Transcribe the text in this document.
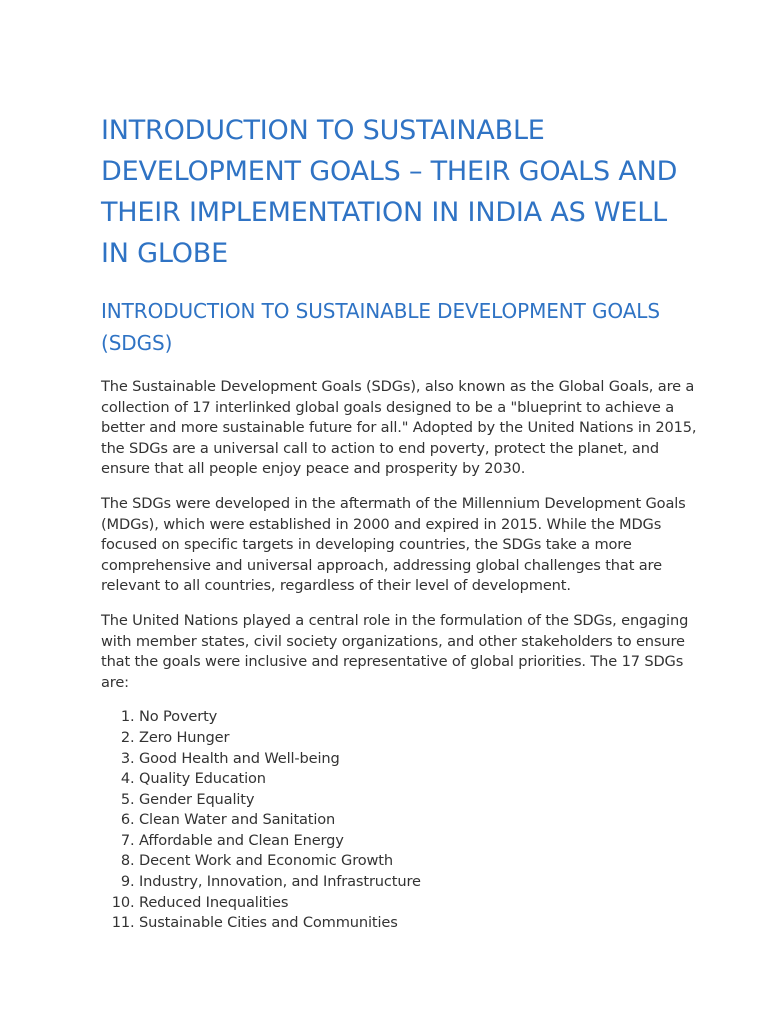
INTRODUCTION TO SUSTAINABLE DEVELOPMENT GOALS – THEIR GOALS AND THEIR IMPLEMENTATION IN INDIA AS WELL IN GLOBE
INTRODUCTION TO SUSTAINABLE DEVELOPMENT GOALS (SDGS)

The Sustainable Development Goals (SDGs), also known as the Global Goals, are a collection of 17 interlinked global goals designed to be a "blueprint to achieve a better and more sustainable future for all." Adopted by the United Nations in 2015, the SDGs are a universal call to action to end poverty, protect the planet, and ensure that all people enjoy peace and prosperity by 2030.

The SDGs were developed in the aftermath of the Millennium Development Goals (MDGs), which were established in 2000 and expired in 2015. While the MDGs focused on specific targets in developing countries, the SDGs take a more comprehensive and universal approach, addressing global challenges that are relevant to all countries, regardless of their level of development.

The United Nations played a central role in the formulation of the SDGs, engaging with member states, civil society organizations, and other stakeholders to ensure that the goals were inclusive and representative of global priorities. The 17 SDGs are:

1. No Poverty
2. Zero Hunger
3. Good Health and Well-being
4. Quality Education
5. Gender Equality
6. Clean Water and Sanitation
7. Affordable and Clean Energy
8. Decent Work and Economic Growth
9. Industry, Innovation, and Infrastructure
10. Reduced Inequalities
11. Sustainable Cities and Communities
